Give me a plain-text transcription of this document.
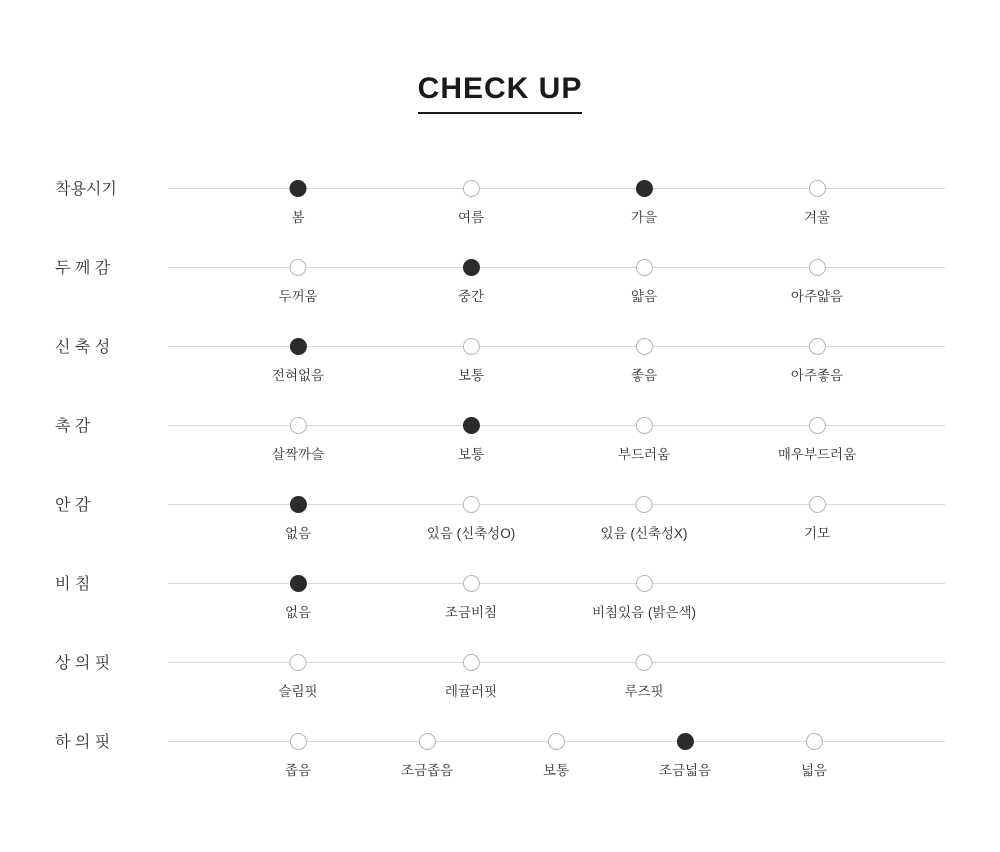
CHECK UP
착용시기
봄	여름	가을	겨울
두 께 감
두꺼움	중간	얇음	아주얇음
신 축 성
전혀없음	보통	좋음	아주좋음
촉 감
살짝까슬	보통	부드러움	매우부드러움
안 감
없음	있음 (신축성O)	있음 (신축성X)	기모
비 침
없음	조금비침	비침있음 (밝은색)
상 의 핏
슬림핏	레귤러핏	루즈핏
하 의 핏
좁음	조금좁음	보통	조금넓음	넓음
